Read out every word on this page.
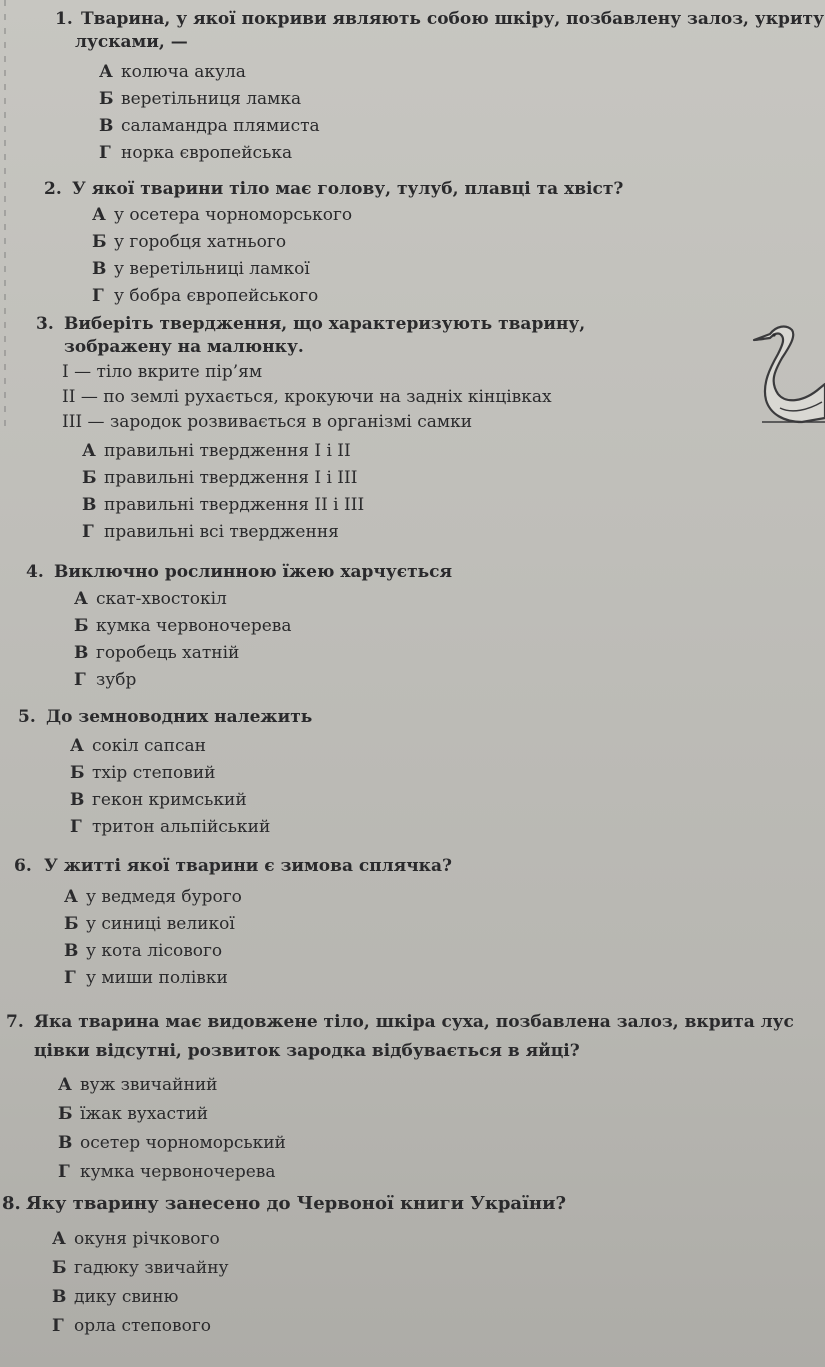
1. Тварина, у якої покриви являють собою шкіру, позбавлену залоз, укриту
лусками, —
А колюча акула
Б веретільниця ламка
В саламандра плямиста
Г норка європейська
2. У якої тварини тіло має голову, тулуб, плавці та хвіст?
А у осетера чорноморського
Б у горобця хатнього
В у веретільниці ламкої
Г у бобра європейського
3. Виберіть твердження, що характеризують тварину,
зображену на малюнку.
I — тіло вкрите пір’ям
II — по землі рухається, крокуючи на задніх кінцівках
III — зародок розвивається в організмі самки
А правильні твердження I і II
Б правильні твердження I і III
В правильні твердження II і III
Г правильні всі твердження
4. Виключно рослинною їжею харчується
А скат-хвостокіл
Б кумка червоночерева
В горобець хатній
Г зубр
5. До земноводних належить
А сокіл сапсан
Б тхір степовий
В гекон кримський
Г тритон альпійський
6. У житті якої тварини є зимова сплячка?
А у ведмедя бурого
Б у синиці великої
В у кота лісового
Г у миши полівки
7. Яка тварина має видовжене тіло, шкіра суха, позбавлена залоз, вкрита лус
цівки відсутні, розвиток зародка відбувається в яйці?
А вуж звичайний
Б їжак вухастий
В осетер чорноморський
Г кумка червоночерева
8. Яку тварину занесено до Червоної книги України?
А окуня річкового
Б гадюку звичайну
В дику свиню
Г орла степового
